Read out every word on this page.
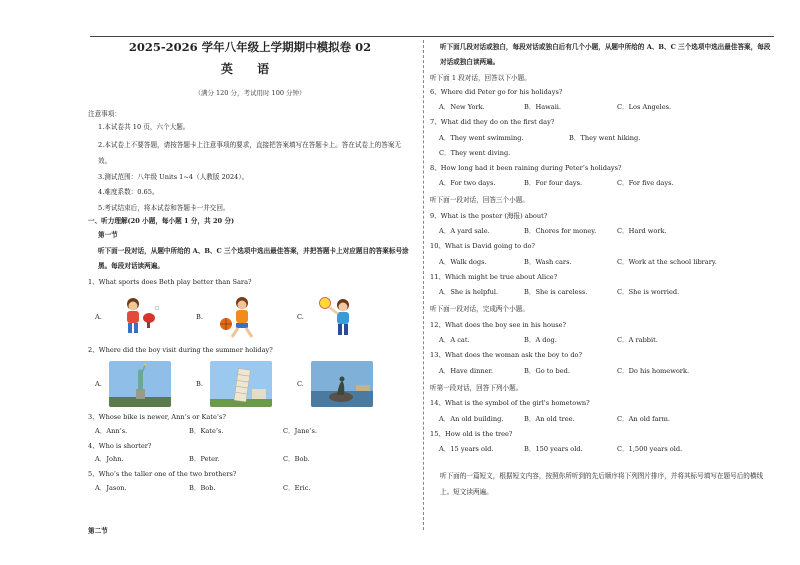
2025-2026 学年八年级上学期期中模拟卷 02

英 语

（满分 120 分，考试用时 100 分钟）

注意事项：

1.本试卷共 10 页，六个大题。

2.本试卷上不要答题，请按答题卡上注意事项的要求，直接把答案填写在答题卡上。答在试卷上的答案无效。

3.测试范围：八年级 Units 1~4（人教版 2024）。

4.难度系数：0.65。

5.考试结束后，将本试卷和答题卡一并交回。

一、听力理解(20 小题，每小题 1 分，共 20 分)

第一节

听下面一段对话，从题中所给的 A、B、C 三个选项中选出最佳答案，并把答题卡上对应题目的答案标号涂黑。每段对话读两遍。

1、What sports does Beth play better than Sara?

A.	B.	C.

2、Where did the boy visit during the summer holiday?

A.	B.	C.

3、Whose bike is newer, Ann’s or Kate’s?

A．Ann’s.	B．Kate’s.	C．Jane’s.

4、Who is shorter?

A．John.	B．Peter.	C．Bob.

5、Who’s the taller one of the two brothers?

A．Jason.	B．Bob.	C．Eric.

第二节

听下面几段对话或独白，每段对话或独白后有几个小题，从题中所给的 A、B、C 三个选项中选出最佳答案，每段对话或独白读两遍。

听下面 1 段对话，回答以下小题。

6、Where did Peter go for his holidays?

A．New York.	B．Hawaii.	C．Los Angeles.

7、What did they do on the first day?

A．They went swimming.	B．They went hiking.

C．They went diving.

8、How long had it been raining during Peter’s holidays?

A．For two days.	B．For four days.	C．For five days.

听下面一段对话，回答三个小题。

9、What is the poster (海报) about?

A．A yard sale.	B．Chores for money.	C．Hard work.

10、What is David going to do?

A．Walk dogs.	B．Wash cars.	C．Work at the school library.

11、Which might be true about Alice?

A．She is helpful.	B．She is careless.	C．She is worried.

听下面一段对话，完成两个小题。

12、What does the boy see in his house?

A．A cat.	B．A dog.	C．A rabbit.

13、What does the woman ask the boy to do?

A．Have dinner.	B．Go to bed.	C．Do his homework.

听第一段对话，回答下列小题。

14、What is the symbol of the girl's hometown?

A．An old building.	B．An old tree.	C．An old farm.

15、How old is the tree?

A．15 years old.	B．150 years old.	C．1,500 years old.

听下面的一篇短文，根据短文内容，按照你所听到的先后顺序将下列图片排序，并将其标号填写在题号后的横线上。短文读两遍。
